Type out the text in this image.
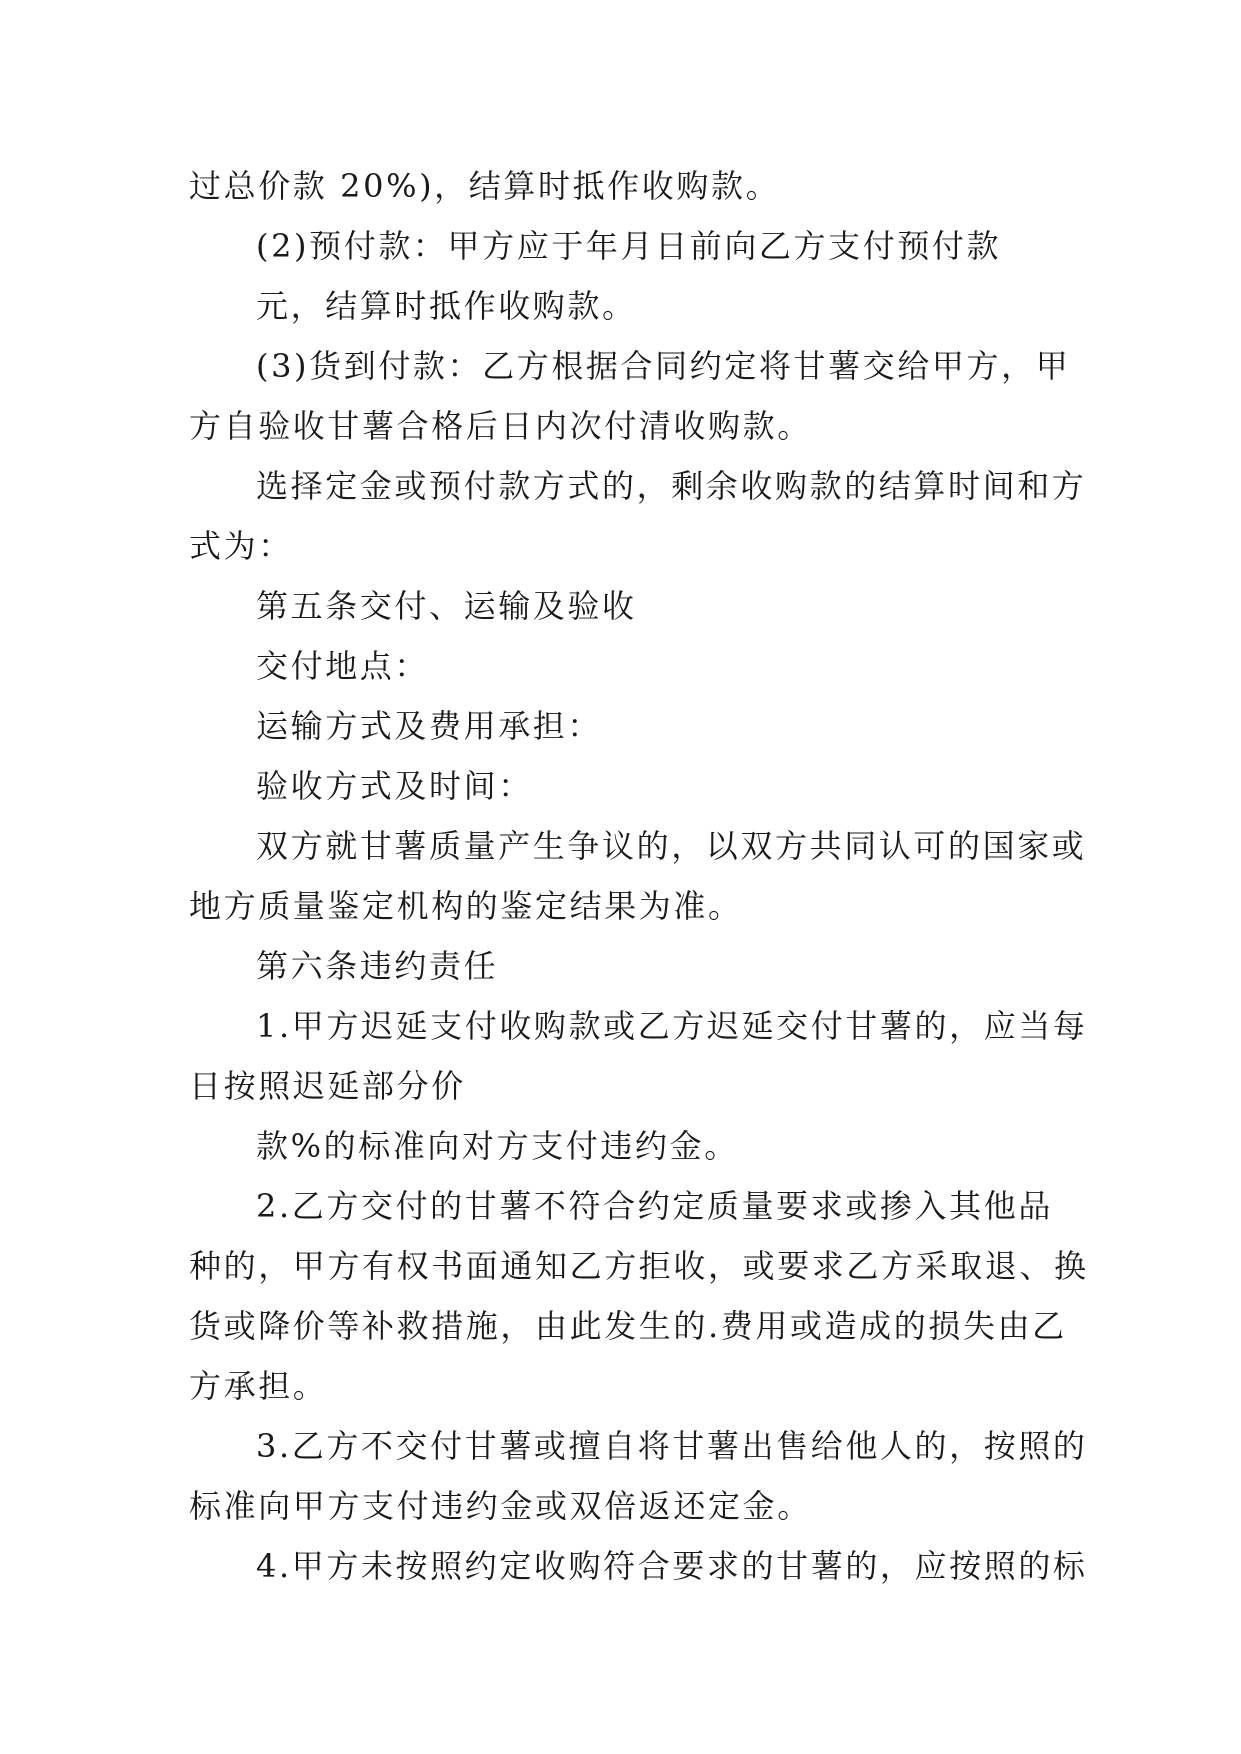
过总价款 20%)，结算时抵作收购款。
(2)预付款：甲方应于年月日前向乙方支付预付款
元，结算时抵作收购款。
(3)货到付款：乙方根据合同约定将甘薯交给甲方，甲
方自验收甘薯合格后日内次付清收购款。
选择定金或预付款方式的，剩余收购款的结算时间和方
式为：
第五条交付、运输及验收
交付地点：
运输方式及费用承担：
验收方式及时间：
双方就甘薯质量产生争议的，以双方共同认可的国家或
地方质量鉴定机构的鉴定结果为准。
第六条违约责任
1.甲方迟延支付收购款或乙方迟延交付甘薯的，应当每
日按照迟延部分价
款%的标准向对方支付违约金。
2.乙方交付的甘薯不符合约定质量要求或掺入其他品
种的，甲方有权书面通知乙方拒收，或要求乙方采取退、换
货或降价等补救措施，由此发生的.费用或造成的损失由乙
方承担。
3.乙方不交付甘薯或擅自将甘薯出售给他人的，按照的
标准向甲方支付违约金或双倍返还定金。
4.甲方未按照约定收购符合要求的甘薯的，应按照的标
